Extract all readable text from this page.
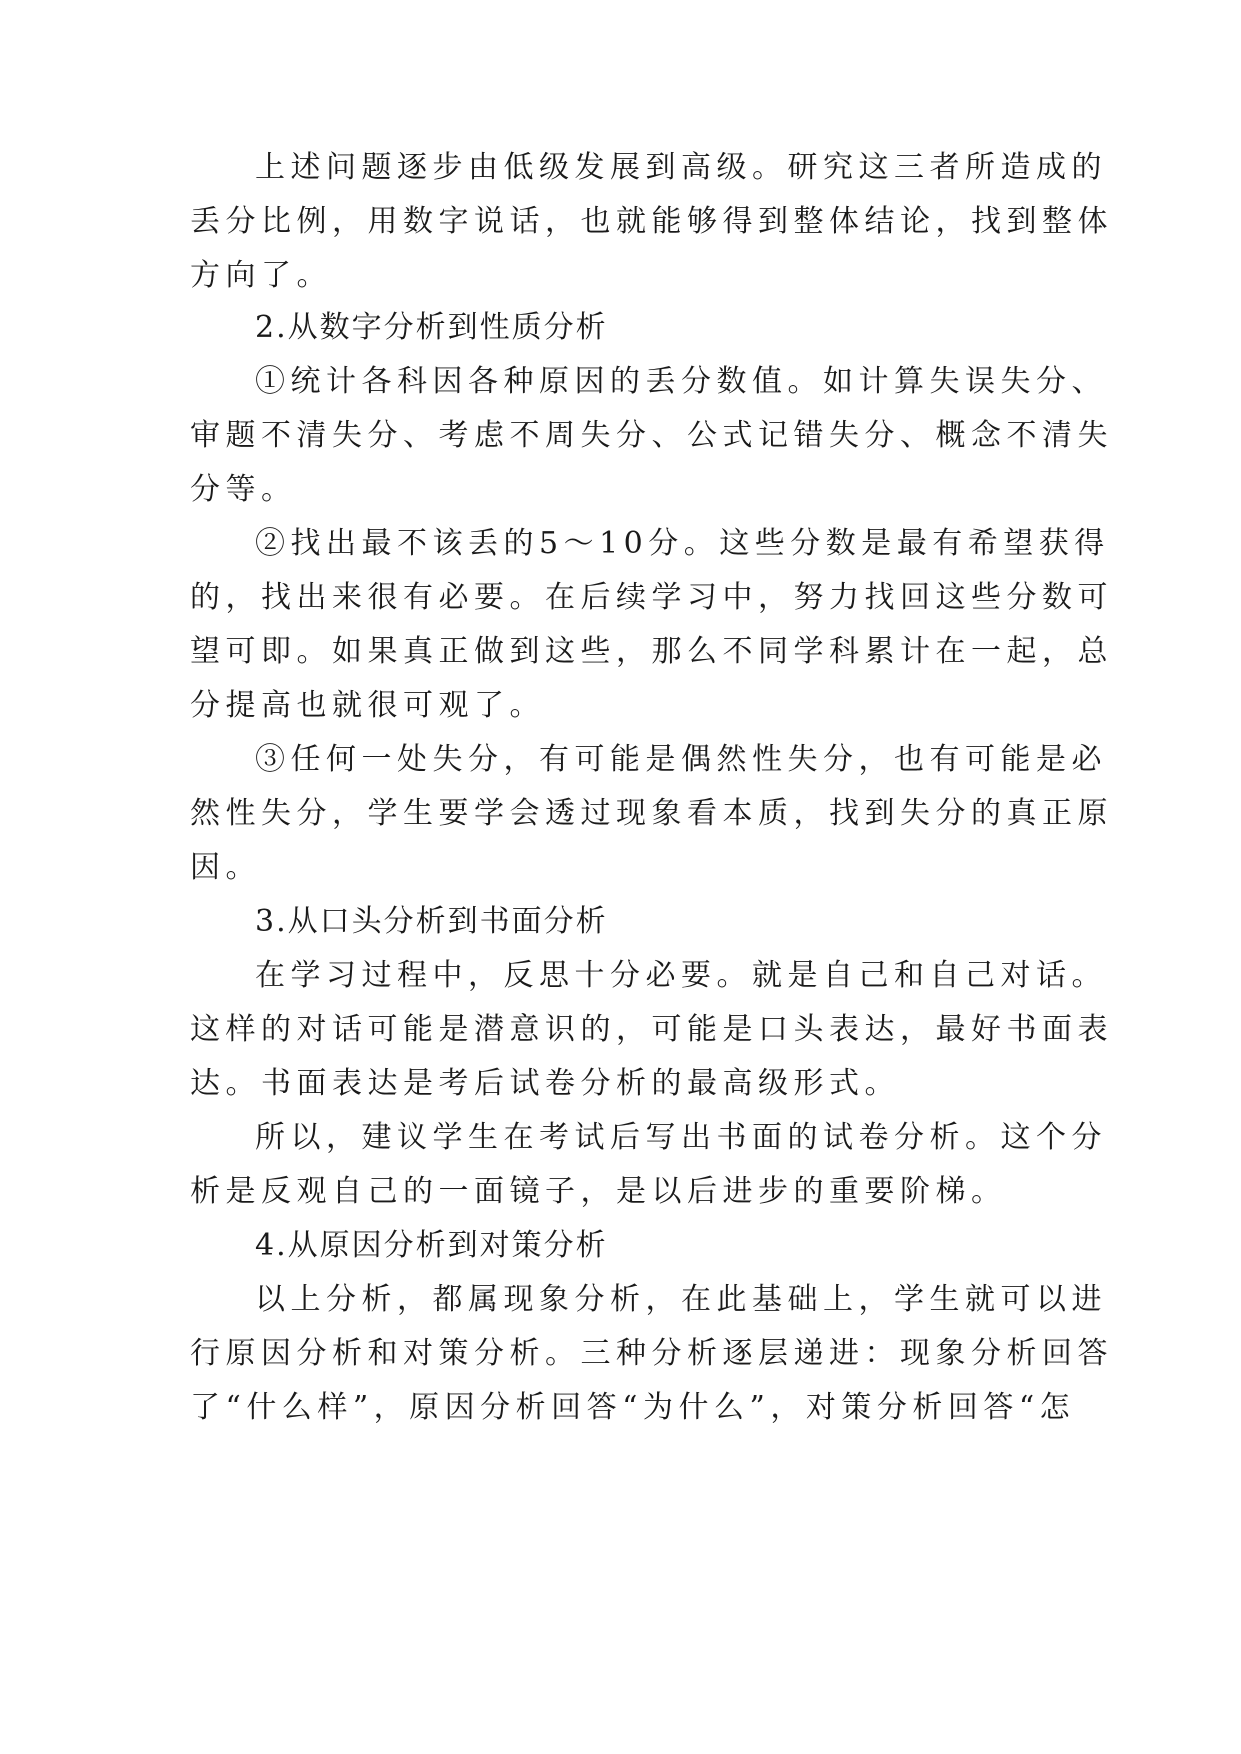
上述问题逐步由低级发展到高级。研究这三者所造成的
丢分比例，用数字说话，也就能够得到整体结论，找到整体
方向了。
2.从数字分析到性质分析
①统计各科因各种原因的丢分数值。如计算失误失分、
审题不清失分、考虑不周失分、公式记错失分、概念不清失
分等。
②找出最不该丢的5～10分。这些分数是最有希望获得
的，找出来很有必要。在后续学习中，努力找回这些分数可
望可即。如果真正做到这些，那么不同学科累计在一起，总
分提高也就很可观了。
③任何一处失分，有可能是偶然性失分，也有可能是必
然性失分，学生要学会透过现象看本质，找到失分的真正原
因。
3.从口头分析到书面分析
在学习过程中，反思十分必要。就是自己和自己对话。
这样的对话可能是潜意识的，可能是口头表达，最好书面表
达。书面表达是考后试卷分析的最高级形式。
所以，建议学生在考试后写出书面的试卷分析。这个分
析是反观自己的一面镜子，是以后进步的重要阶梯。
4.从原因分析到对策分析
以上分析，都属现象分析，在此基础上，学生就可以进
行原因分析和对策分析。三种分析逐层递进：现象分析回答
了“什么样”，原因分析回答“为什么”，对策分析回答“怎
